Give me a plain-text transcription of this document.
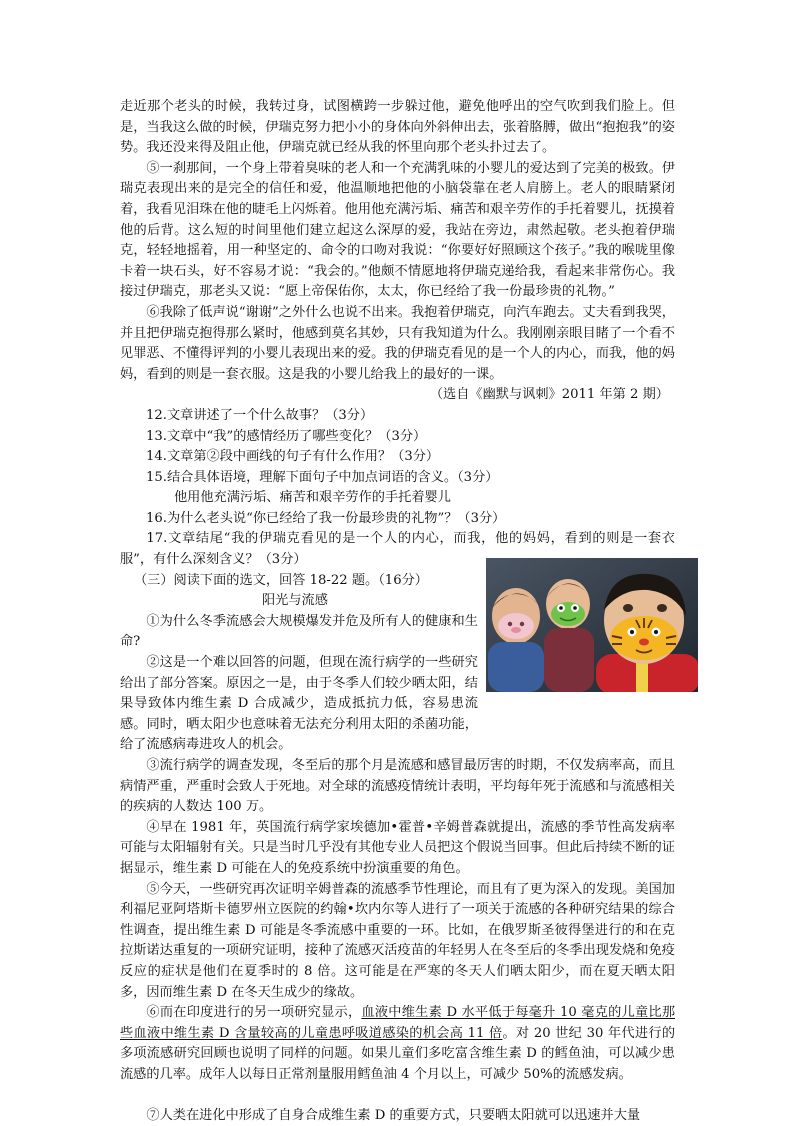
走近那个老头的时候，我转过身，试图横跨一步躲过他，避免他呼出的空气吹到我们脸上。但是，当我这么做的时候，伊瑞克努力把小小的身体向外斜伸出去，张着胳膊，做出“抱抱我”的姿势。我还没来得及阻止他，伊瑞克就已经从我的怀里向那个老头扑过去了。

⑤一刹那间，一个身上带着臭味的老人和一个充满乳味的小婴儿的爱达到了完美的极致。伊瑞克表现出来的是完全的信任和爱，他温顺地把他的小脑袋靠在老人肩膀上。老人的眼睛紧闭着，我看见泪珠在他的睫毛上闪烁着。他用他充满污垢、痛苦和艰辛劳作的手托着婴儿，抚摸着他的后背。这么短的时间里他们建立起这么深厚的爱，我站在旁边，肃然起敬。老头抱着伊瑞克，轻轻地摇着，用一种坚定的、命令的口吻对我说：“你要好好照顾这个孩子。”我的喉咙里像卡着一块石头，好不容易才说：“我会的。”他颇不情愿地将伊瑞克递给我，看起来非常伤心。我接过伊瑞克，那老头又说：“愿上帝保佑你，太太，你已经给了我一份最珍贵的礼物。”

⑥我除了低声说“谢谢”之外什么也说不出来。我抱着伊瑞克，向汽车跑去。丈夫看到我哭，并且把伊瑞克抱得那么紧时，他感到莫名其妙，只有我知道为什么。我刚刚亲眼目睹了一个看不见罪恶、不懂得评判的小婴儿表现出来的爱。我的伊瑞克看见的是一个人的内心，而我，他的妈妈，看到的则是一套衣服。这是我的小婴儿给我上的最好的一课。

（选自《幽默与讽刺》2011 年第 2 期）

12.文章讲述了一个什么故事？（3分）

13.文章中“我”的感情经历了哪些变化？（3分）

14.文章第②段中画线的句子有什么作用？（3分）

15.结合具体语境，理解下面句子中加点词语的含义。（3分）

他用他充满污垢、痛苦和艰辛劳作的手托着婴儿

16.为什么老头说“你已经给了我一份最珍贵的礼物”？（3分）

17.文章结尾“我的伊瑞克看见的是一个人的内心，而我，他的妈妈，看到的则是一套衣服”，有什么深刻含义？（3分）

（三）阅读下面的选文，回答 18-22 题。（16分）

阳光与流感

①为什么冬季流感会大规模爆发并危及所有人的健康和生命?

②这是一个难以回答的问题，但现在流行病学的一些研究给出了部分答案。原因之一是，由于冬季人们较少晒太阳，结果导致体内维生素 D 合成减少，造成抵抗力低，容易患流感。同时，晒太阳少也意味着无法充分利用太阳的杀菌功能，给了流感病毒进攻人的机会。

③流行病学的调查发现，冬至后的那个月是流感和感冒最厉害的时期，不仅发病率高，而且病情严重，严重时会致人于死地。对全球的流感疫情统计表明，平均每年死于流感和与流感相关的疾病的人数达 100 万。

④早在 1981 年，英国流行病学家埃德加•霍普•辛姆普森就提出，流感的季节性高发病率可能与太阳辐射有关。只是当时几乎没有其他专业人员把这个假说当回事。但此后持续不断的证据显示，维生素 D 可能在人的免疫系统中扮演重要的角色。

⑤今天，一些研究再次证明辛姆普森的流感季节性理论，而且有了更为深入的发现。美国加利福尼亚阿塔斯卡德罗州立医院的约翰•坎内尔等人进行了一项关于流感的各种研究结果的综合性调查，提出维生素 D 可能是冬季流感中重要的一环。比如，在俄罗斯圣彼得堡进行的和在克拉斯诺达重复的一项研究证明，接种了流感灭活疫苗的年轻男人在冬至后的冬季出现发烧和免疫反应的症状是他们在夏季时的 8 倍。这可能是在严寒的冬天人们晒太阳少，而在夏天晒太阳多，因而维生素 D 在冬天生成少的缘故。

⑥而在印度进行的另一项研究显示，血液中维生素 D 水平低于每毫升 10 毫克的儿童比那些血液中维生素 D 含量较高的儿童患呼吸道感染的机会高 11 倍。对 20 世纪 30 年代进行的多项流感研究回顾也说明了同样的问题。如果儿童们多吃富含维生素 D 的鳕鱼油，可以减少患流感的几率。成年人以每日正常剂量服用鳕鱼油 4 个月以上，可减少 50%的流感发病。

⑦人类在进化中形成了自身合成维生素 D 的重要方式，只要晒太阳就可以迅速并大量
